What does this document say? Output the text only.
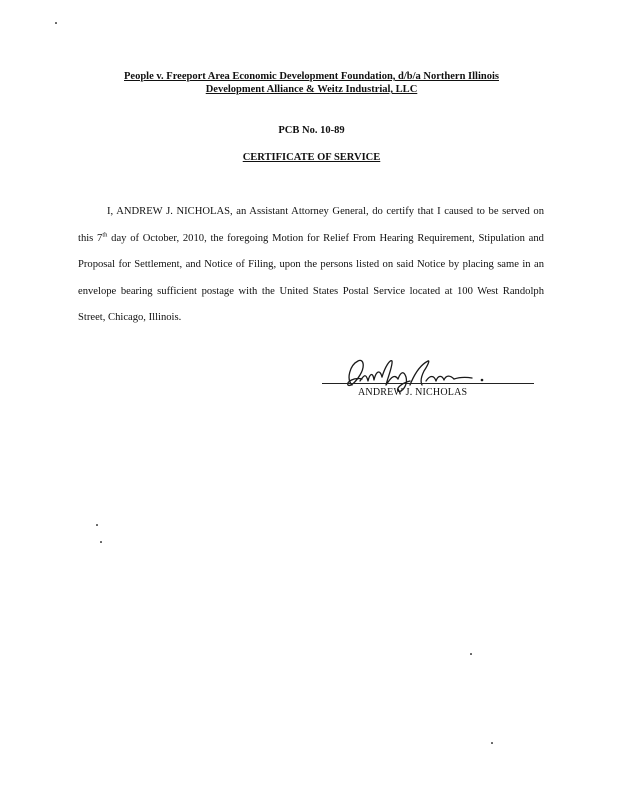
People v. Freeport Area Economic Development Foundation, d/b/a Northern Illinois
Development Alliance & Weitz Industrial, LLC
PCB No. 10-89
CERTIFICATE OF SERVICE

I, ANDREW J. NICHOLAS, an Assistant Attorney General, do certify that I caused to be served on this 7th day of October, 2010, the foregoing Motion for Relief From Hearing Requirement, Stipulation and Proposal for Settlement, and Notice of Filing, upon the persons listed on said Notice by placing same in an envelope bearing sufficient postage with the United States Postal Service located at 100 West Randolph Street, Chicago, Illinois.

ANDREW J. NICHOLAS
